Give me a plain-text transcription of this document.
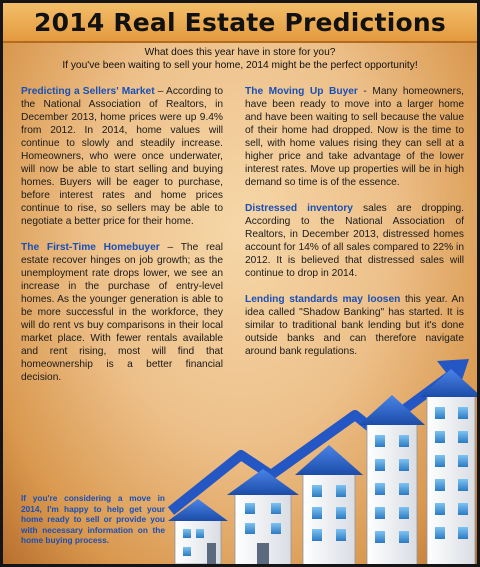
2014 Real Estate Predictions
What does this year have in store for you?
If you've been waiting to sell your home, 2014 might be the perfect opportunity!

Predicting a Sellers' Market – According to the National Association of Realtors, in December 2013, home prices were up 9.4% from 2012. In 2014, home values will continue to slowly and steadily increase. Homeowners, who were once underwater, will now be able to start selling and buying homes. Buyers will be eager to purchase, before interest rates and home prices continue to rise, so sellers may be able to negotiate a better price for their home.

The First-Time Homebuyer – The real estate recover hinges on job growth; as the unemployment rate drops lower, we see an increase in the purchase of entry-level homes. As the younger generation is able to be more successful in the workforce, they will do rent vs buy comparisons in their local market place. With fewer rentals available and rent rising, most will find that homeownership is a better financial decision.

The Moving Up Buyer - Many homeowners, have been ready to move into a larger home and have been waiting to sell because the value of their home had dropped. Now is the time to sell, with home values rising they can sell at a higher price and take advantage of the lower interest rates. Move up properties will be in high demand so time is of the essence.

Distressed inventory sales are dropping. According to the National Association of Realtors, in December 2013, distressed homes account for 14% of all sales compared to 22% in 2012. It is believed that distressed sales will continue to drop in 2014.

Lending standards may loosen this year. An idea called "Shadow Banking" has started. It is similar to traditional bank lending but it's done outside banks and can therefore navigate around bank regulations.

If you're considering a move in 2014, I'm happy to help get your home ready to sell or provide you with necessary information on the home buying process.
